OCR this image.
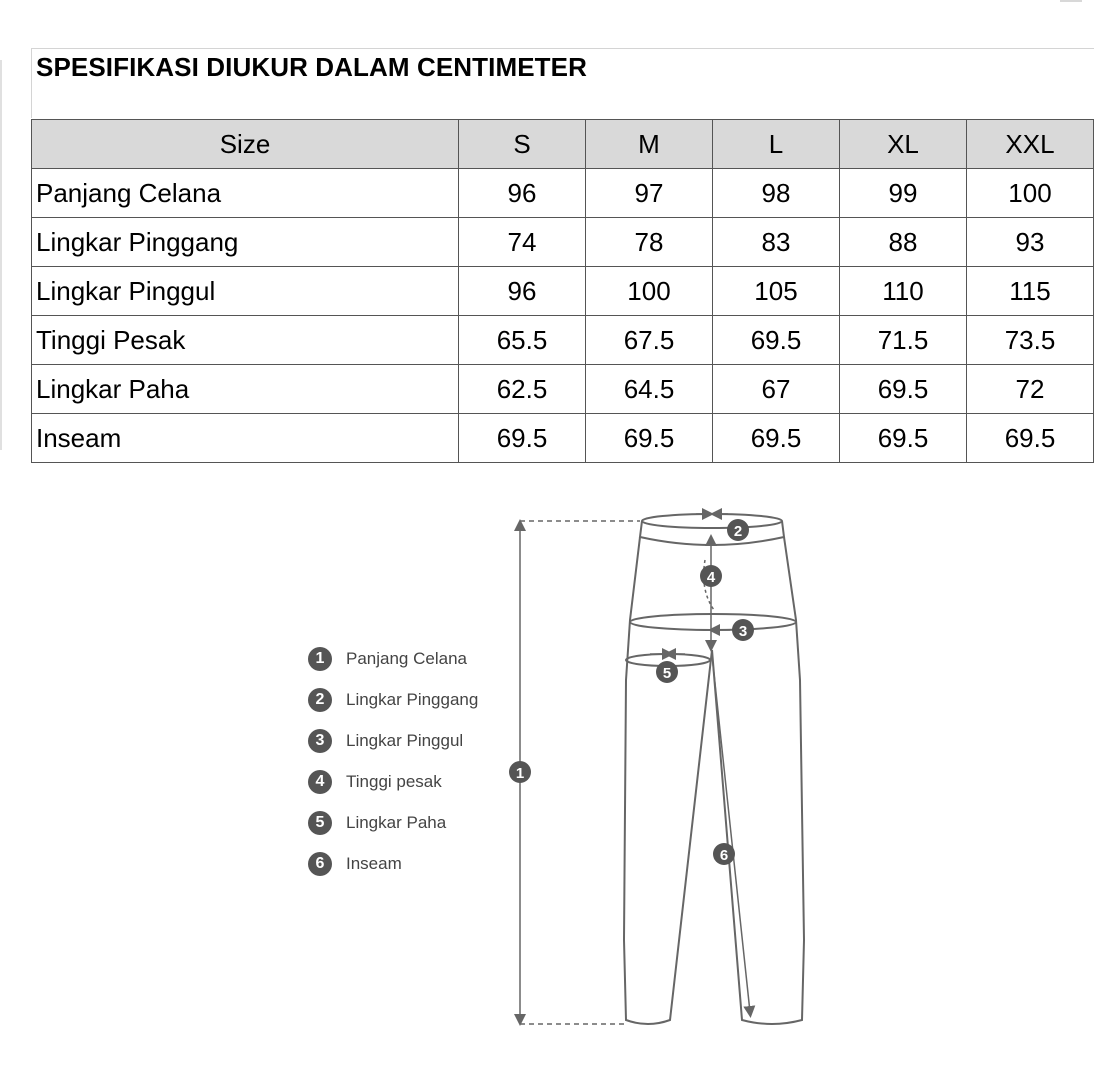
SPESIFIKASI DIUKUR DALAM CENTIMETER
Size	S	M	L	XL	XXL
Panjang Celana	96	97	98	99	100
Lingkar Pinggang	74	78	83	88	93
Lingkar Pinggul	96	100	105	110	115
Tinggi Pesak	65.5	67.5	69.5	71.5	73.5
Lingkar Paha	62.5	64.5	67	69.5	72
Inseam	69.5	69.5	69.5	69.5	69.5
1	Panjang Celana
2	Lingkar Pinggang
3	Lingkar Pinggul
4	Tinggi pesak
5	Lingkar Paha
6	Inseam
1
2
3
4
5
6
